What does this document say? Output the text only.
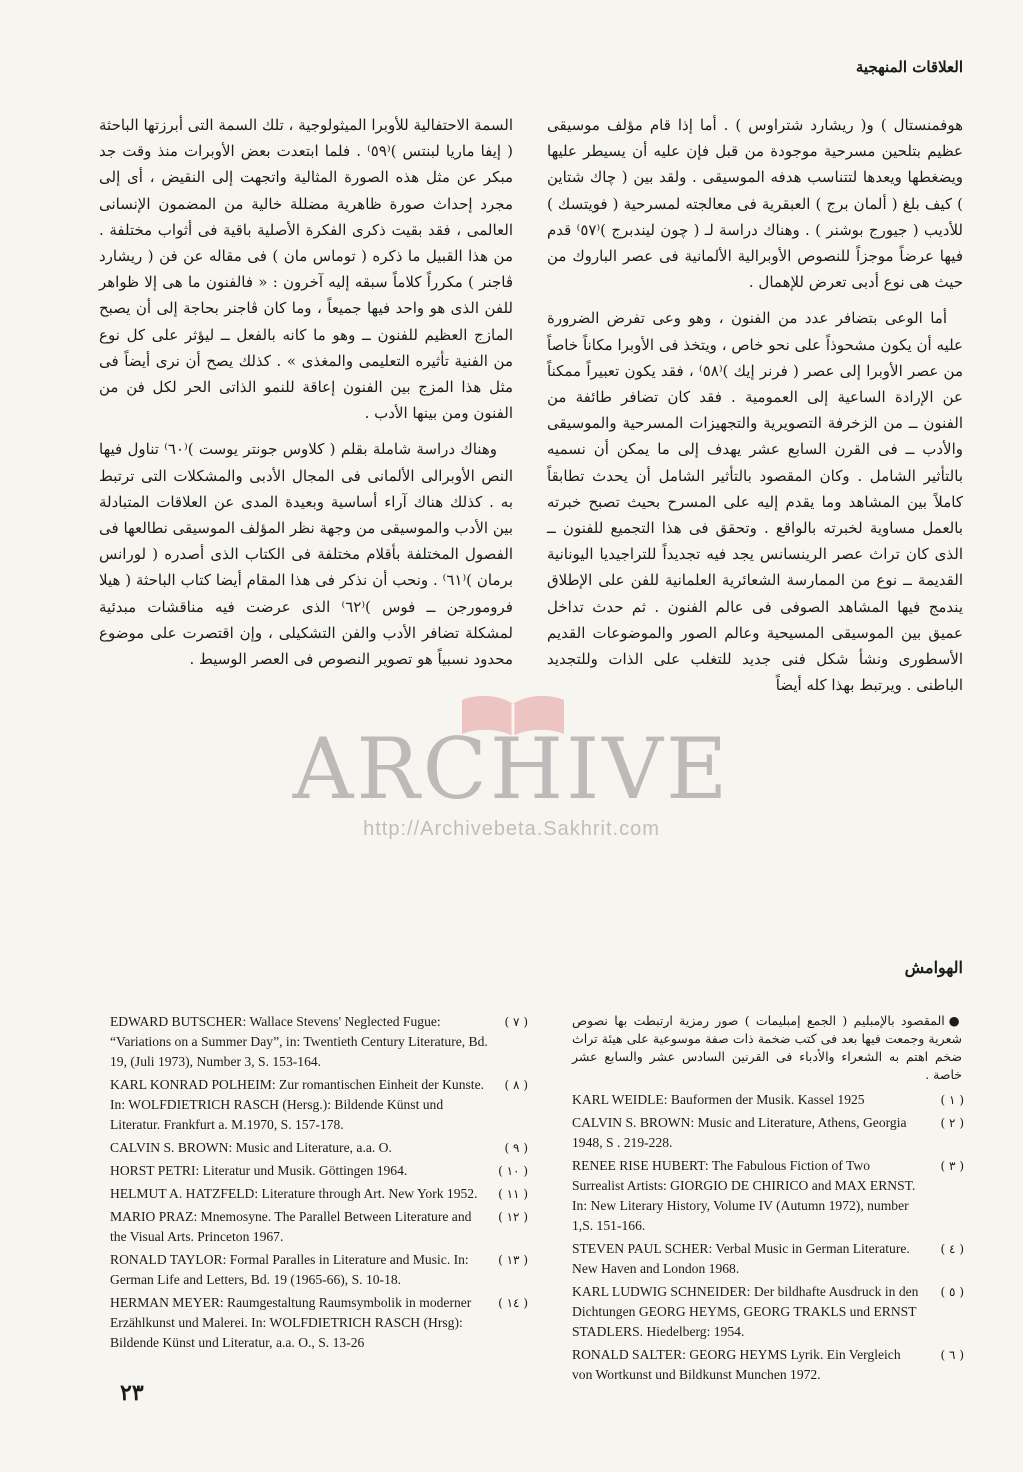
العلاقات المنهجية

هوفمنستال ) و( ريشارد شتراوس ) . أما إذا قام مؤلف موسيقى عظيم بتلحين مسرحية موجودة من قبل فإن عليه أن يسيطر عليها ويضغطها ويعدها لتتناسب هدفه الموسيقى . ولقد بين ( چاك شتاين ) كيف بلغ ( ألمان برج ) العبقرية فى معالجته لمسرحية ( فويتسك ) للأديب ( جيورج بوشنر ) . وهناك دراسة لـ ( چون ليندبرج )⁽٥٧⁾ قدم فيها عرضاً موجزاً للنصوص الأوبرالية الألمانية فى عصر الباروك من حيث هى نوع أدبى تعرض للإهمال .

أما الوعى بتضافر عدد من الفنون ، وهو وعى تفرض الضرورة عليه أن يكون مشحوذاً على نحو خاص ، ويتخذ فى الأوبرا مكاناً خاصاً من عصر الأوبرا إلى عصر ( فرنر إيك )⁽٥٨⁾ ، فقد يكون تعبيراً ممكناً عن الإرادة الساعية إلى العمومية . فقد كان تضافر طائفة من الفنون ــ من الزخرفة التصويرية والتجهيزات المسرحية والموسيقى والأدب ــ فى القرن السابع عشر يهدف إلى ما يمكن أن نسميه بالتأثير الشامل . وكان المقصود بالتأثير الشامل أن يحدث تطابقاً كاملاً بين المشاهد وما يقدم إليه على المسرح بحيث تصبح خبرته بالعمل مساوية لخبرته بالواقع . وتحقق فى هذا التجميع للفنون ــ الذى كان تراث عصر الرينسانس يجد فيه تجديداً للتراجيديا اليونانية القديمة ــ نوع من الممارسة الشعائرية العلمانية للفن على الإطلاق يندمج فيها المشاهد الصوفى فى عالم الفنون . ثم حدث تداخل عميق بين الموسيقى المسيحية وعالم الصور والموضوعات القديم الأسطورى ونشأ شكل فنى جديد للتغلب على الذات وللتجديد الباطنى . ويرتبط بهذا كله أيضاً

السمة الاحتفالية للأوبرا الميثولوجية ، تلك السمة التى أبرزتها الباحثة ( إيفا ماريا لبنتس )⁽٥٩⁾ . فلما ابتعدت بعض الأوبرات منذ وقت جد مبكر عن مثل هذه الصورة المثالية واتجهت إلى النقيض ، أى إلى مجرد إحداث صورة ظاهرية مضللة خالية من المضمون الإنسانى العالمى ، فقد بقيت ذكرى الفكرة الأصلية باقية فى أثواب مختلفة . من هذا القبيل ما ذكره ( توماس مان ) فى مقاله عن فن ( ريشارد ڤاجنر ) مكرراً كلاماً سبقه إليه آخرون : « فالفنون ما هى إلا ظواهر للفن الذى هو واحد فيها جميعاً ، وما كان ڤاجنر بحاجة إلى أن يصبح المازج العظيم للفنون ــ وهو ما كانه بالفعل ــ ليؤثر على كل نوع من الفنية تأثيره التعليمى والمغذى » . كذلك يصح أن نرى أيضاً فى مثل هذا المزج بين الفنون إعاقة للنمو الذاتى الحر لكل فن من الفنون ومن بينها الأدب .

وهناك دراسة شاملة بقلم ( كلاوس جونتر يوست )⁽٦٠⁾ تناول فيها النص الأوبرالى الألمانى فى المجال الأدبى والمشكلات التى ترتبط به . كذلك هناك آراء أساسية وبعيدة المدى عن العلاقات المتبادلة بين الأدب والموسيقى من وجهة نظر المؤلف الموسيقى نطالعها فى الفصول المختلفة بأقلام مختلفة فى الكتاب الذى أصدره ( لورانس برمان )⁽٦١⁾ . ونحب أن نذكر فى هذا المقام أيضا كتاب الباحثة ( هيلا فرومورجن ــ فوس )⁽٦٢⁾ الذى عرضت فيه مناقشات مبدئية لمشكلة تضافر الأدب والفن التشكيلى ، وإن اقتصرت على موضوع محدود نسبياً هو تصوير النصوص فى العصر الوسيط .

ARCHIVE
http://Archivebeta.Sakhrit.com
الهوامش
●المقصود بالإمبليم ( الجمع إمبليمات ) صور رمزية ارتبطت بها نصوص شعرية وجمعت فيها بعد فى كتب ضخمة ذات صفة موسوعية على هيئة تراث ضخم اهتم به الشعراء والأدباء فى القرنين السادس عشر والسابع عشر خاصة .
( ١ )
KARL WEIDLE: Bauformen der Musik. Kassel 1925
( ٢ )
CALVIN S. BROWN: Music and Literature, Athens, Georgia 1948, S . 219-228.
( ٣ )
RENEE RISE HUBERT: The Fabulous Fiction of Two Surrealist Artists: GIORGIO DE CHIRICO and MAX ERNST. In: New Literary History, Volume IV (Autumn 1972), number 1,S. 151-166.
( ٤ )
STEVEN PAUL SCHER: Verbal Music in German Literature. New Haven and London 1968.
( ٥ )
KARL LUDWIG SCHNEIDER: Der bildhafte Ausdruck in den Dichtungen GEORG HEYMS, GEORG TRAKLS und ERNST STADLERS. Hiedelberg: 1954.
( ٦ )
RONALD SALTER: GEORG HEYMS Lyrik. Ein Vergleich von Wortkunst und Bildkunst Munchen 1972.
( ٧ )
EDWARD BUTSCHER: Wallace Stevens' Neglected Fugue: “Variations on a Summer Day”, in: Twentieth Century Literature, Bd. 19, (Juli 1973), Number 3, S. 153-164.
( ٨ )
KARL KONRAD POLHEIM: Zur romantischen Einheit der Kunste. In: WOLFDIETRICH RASCH (Hersg.): Bildende Künst und Literatur. Frankfurt a. M.1970, S. 157-178.
( ٩ )
CALVIN S. BROWN: Music and Literature, a.a. O.
( ١٠ )
HORST PETRI: Literatur und Musik. Göttingen 1964.
( ١١ )
HELMUT A. HATZFELD: Literature through Art. New York 1952.
( ١٢ )
MARIO PRAZ: Mnemosyne. The Parallel Between Literature and the Visual Arts. Princeton 1967.
( ١٣ )
RONALD TAYLOR: Formal Paralles in Literature and Music. In: German Life and Letters, Bd. 19 (1965-66), S. 10-18.
( ١٤ )
HERMAN MEYER: Raumgestaltung Raumsymbolik in moderner Erzählkunst und Malerei. In: WOLFDIETRICH RASCH (Hrsg): Bildende Künst und Literatur, a.a. O., S. 13-26
٢٣
